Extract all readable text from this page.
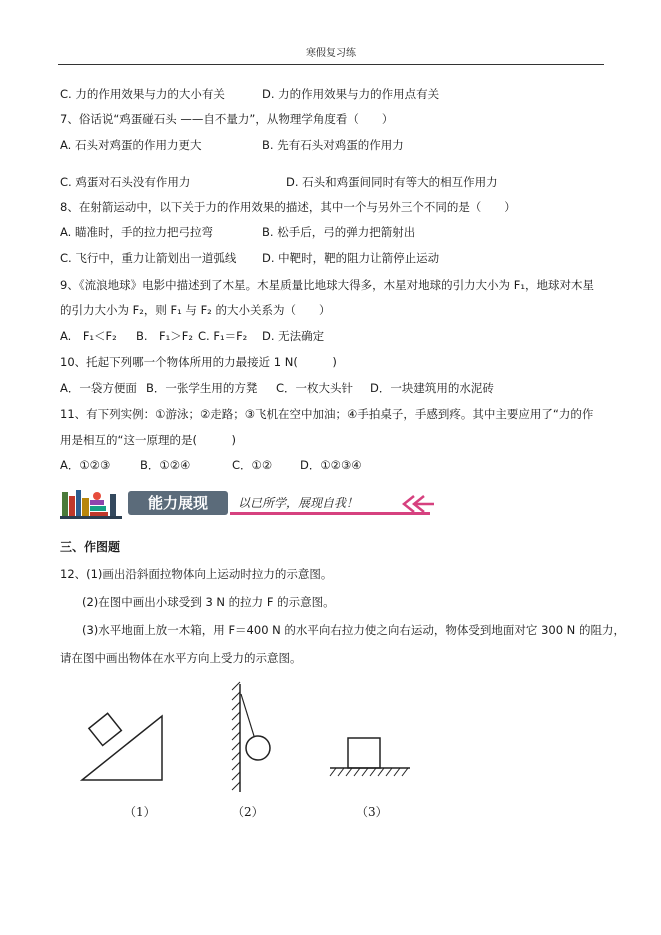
寒假复习练
C. 力的作用效果与力的大小有关	D. 力的作用效果与力的作用点有关
7、俗话说“鸡蛋碰石头 ——自不量力”，从物理学角度看（　　）
A. 石头对鸡蛋的作用力更大	B. 先有石头对鸡蛋的作用力
C. 鸡蛋对石头没有作用力	D. 石头和鸡蛋间同时有等大的相互作用力
8、在射箭运动中，以下关于力的作用效果的描述，其中一个与另外三个不同的是（　　）
A. 瞄准时，手的拉力把弓拉弯	B. 松手后，弓的弹力把箭射出
C. 飞行中，重力让箭划出一道弧线 D. 中靶时，靶的阻力让箭停止运动
9、《流浪地球》电影中描述到了木星。木星质量比地球大得多，木星对地球的引力大小为 F₁，地球对木星
的引力大小为 F₂，则 F₁ 与 F₂ 的大小关系为（　　）
A.　F₁＜F₂ B.　F₁＞F₂ C. F₁＝F₂ D. 无法确定
10、托起下列哪一个物体所用的力最接近 1 N(　　　)
A．一袋方便面 B．一张学生用的方凳 C．一枚大头针 D．一块建筑用的水泥砖
11、有下列实例：①游泳；②走路；③飞机在空中加油；④手拍桌子，手感到疼。其中主要应用了“力的作
用是相互的“这一原理的是(　　　)
A．①②③	B．①②④	C．①② D．①②③④
能力展现	以已所学，展现自我！
三、作图题
12、(1)画出沿斜面拉物体向上运动时拉力的示意图。
(2)在图中画出小球受到 3 N 的拉力 F 的示意图。
(3)水平地面上放一木箱，用 F＝400 N 的水平向右拉力使之向右运动，物体受到地面对它 300 N 的阻力，
请在图中画出物体在水平方向上受力的示意图。
（1）	（2）	（3）
